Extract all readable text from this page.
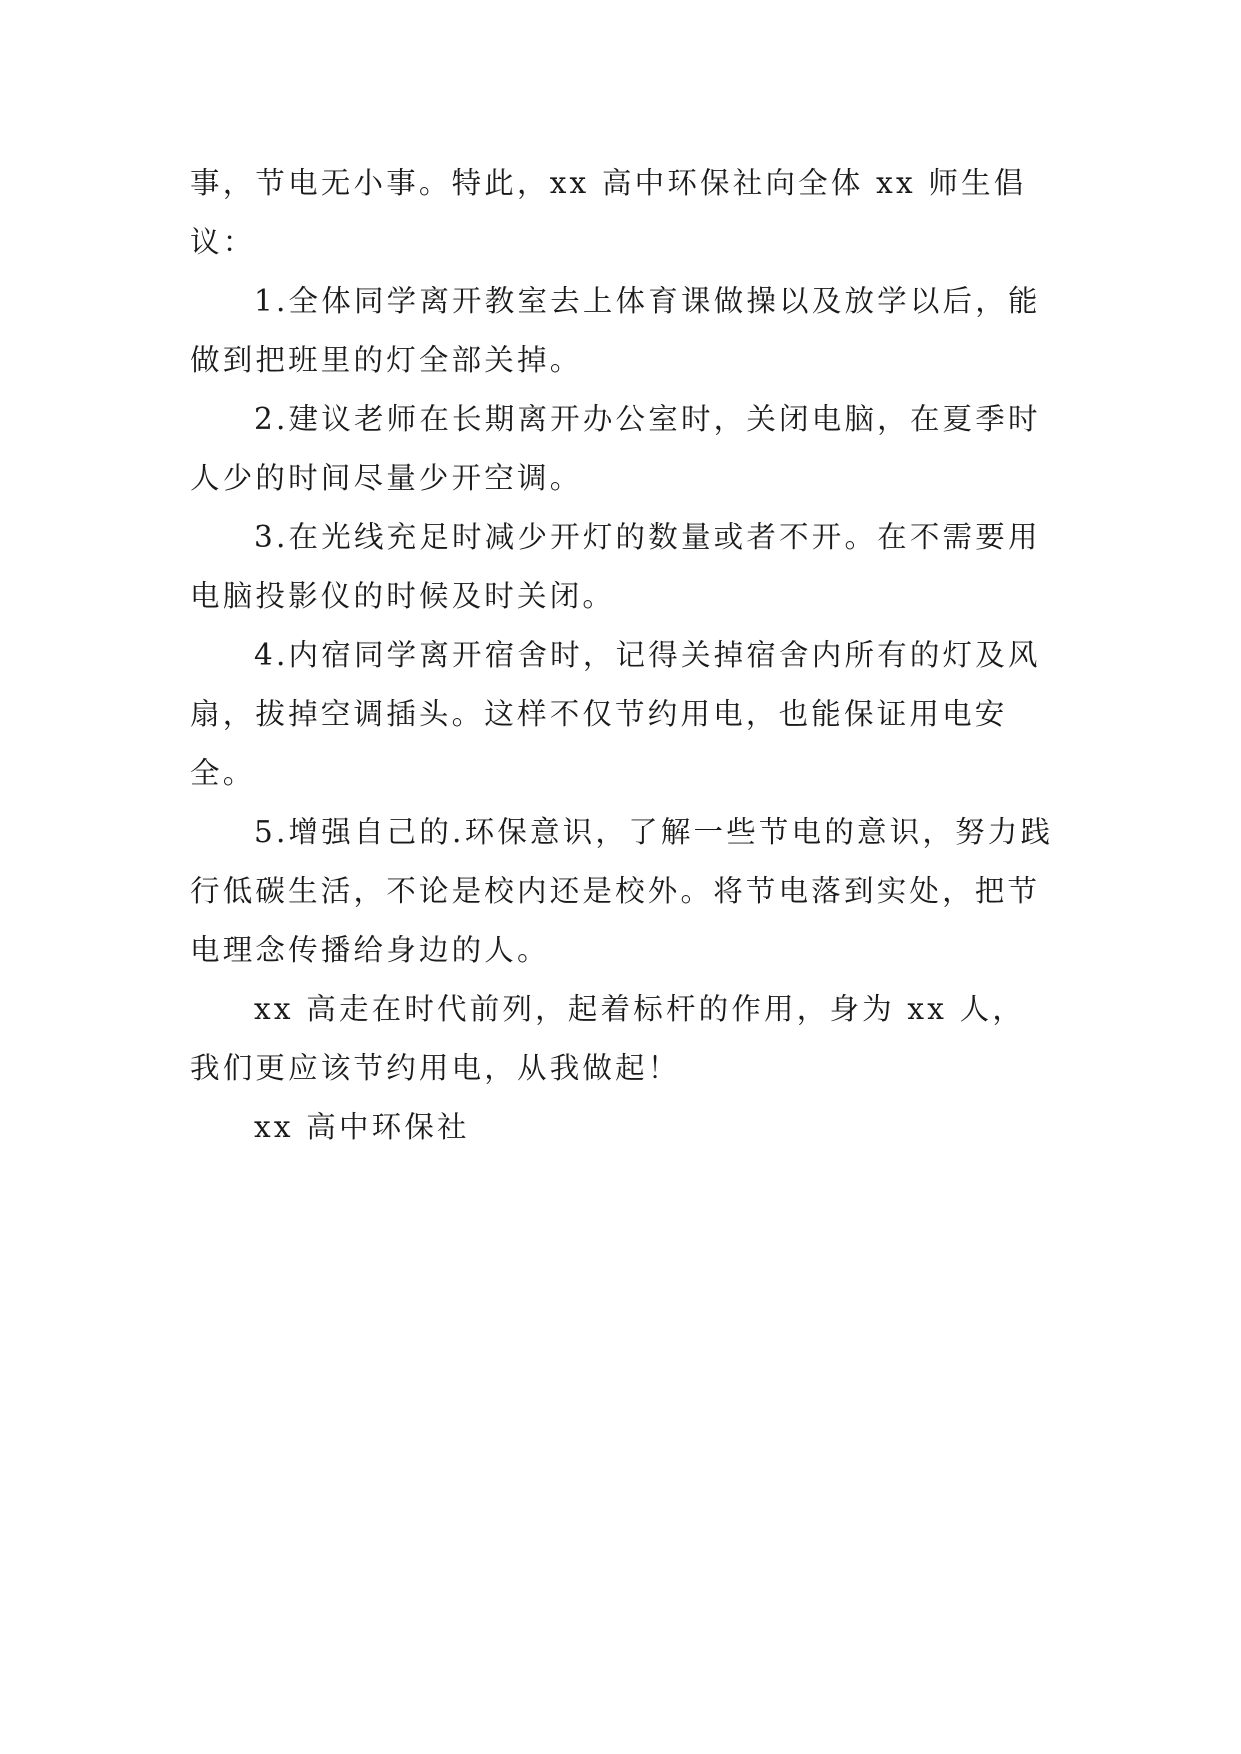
事，节电无小事。特此，xx 高中环保社向全体 xx 师生倡议：

1.全体同学离开教室去上体育课做操以及放学以后，能做到把班里的灯全部关掉。

2.建议老师在长期离开办公室时，关闭电脑，在夏季时人少的时间尽量少开空调。

3.在光线充足时减少开灯的数量或者不开。在不需要用电脑投影仪的时候及时关闭。

4.内宿同学离开宿舍时，记得关掉宿舍内所有的灯及风扇，拔掉空调插头。这样不仅节约用电，也能保证用电安全。

5.增强自己的.环保意识，了解一些节电的意识，努力践行低碳生活，不论是校内还是校外。将节电落到实处，把节电理念传播给身边的人。

xx 高走在时代前列，起着标杆的作用，身为 xx 人，我们更应该节约用电，从我做起！

xx 高中环保社
